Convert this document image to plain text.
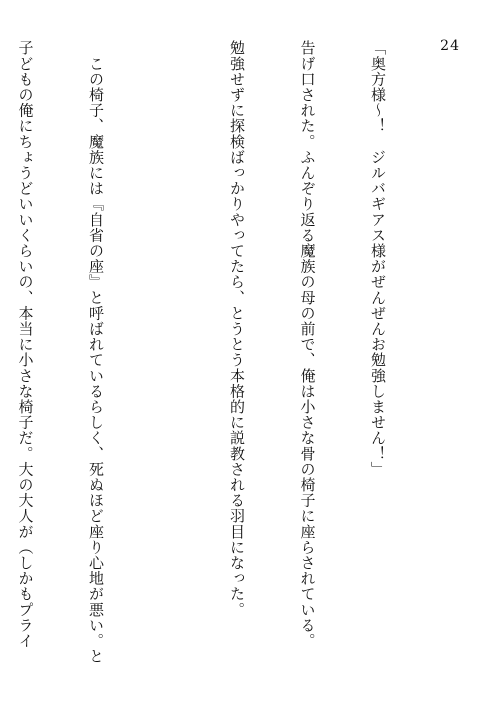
24

「奥方様〜！　ジルバギアス様がぜんぜんお勉強しません！」

告げ口された。ふんぞり返る魔族の母の前で、俺は小さな骨の椅子に座らされている。

勉強せずに探検ばっかりやってたら、とうとう本格的に説教される羽目になった。

　この椅子、魔族には『自省の座』と呼ばれているらしく、死ぬほど座り心地が悪い。と

子どもの俺にちょうどいいくらいの、本当に小さな椅子だ。大の大人が（しかもプライ
